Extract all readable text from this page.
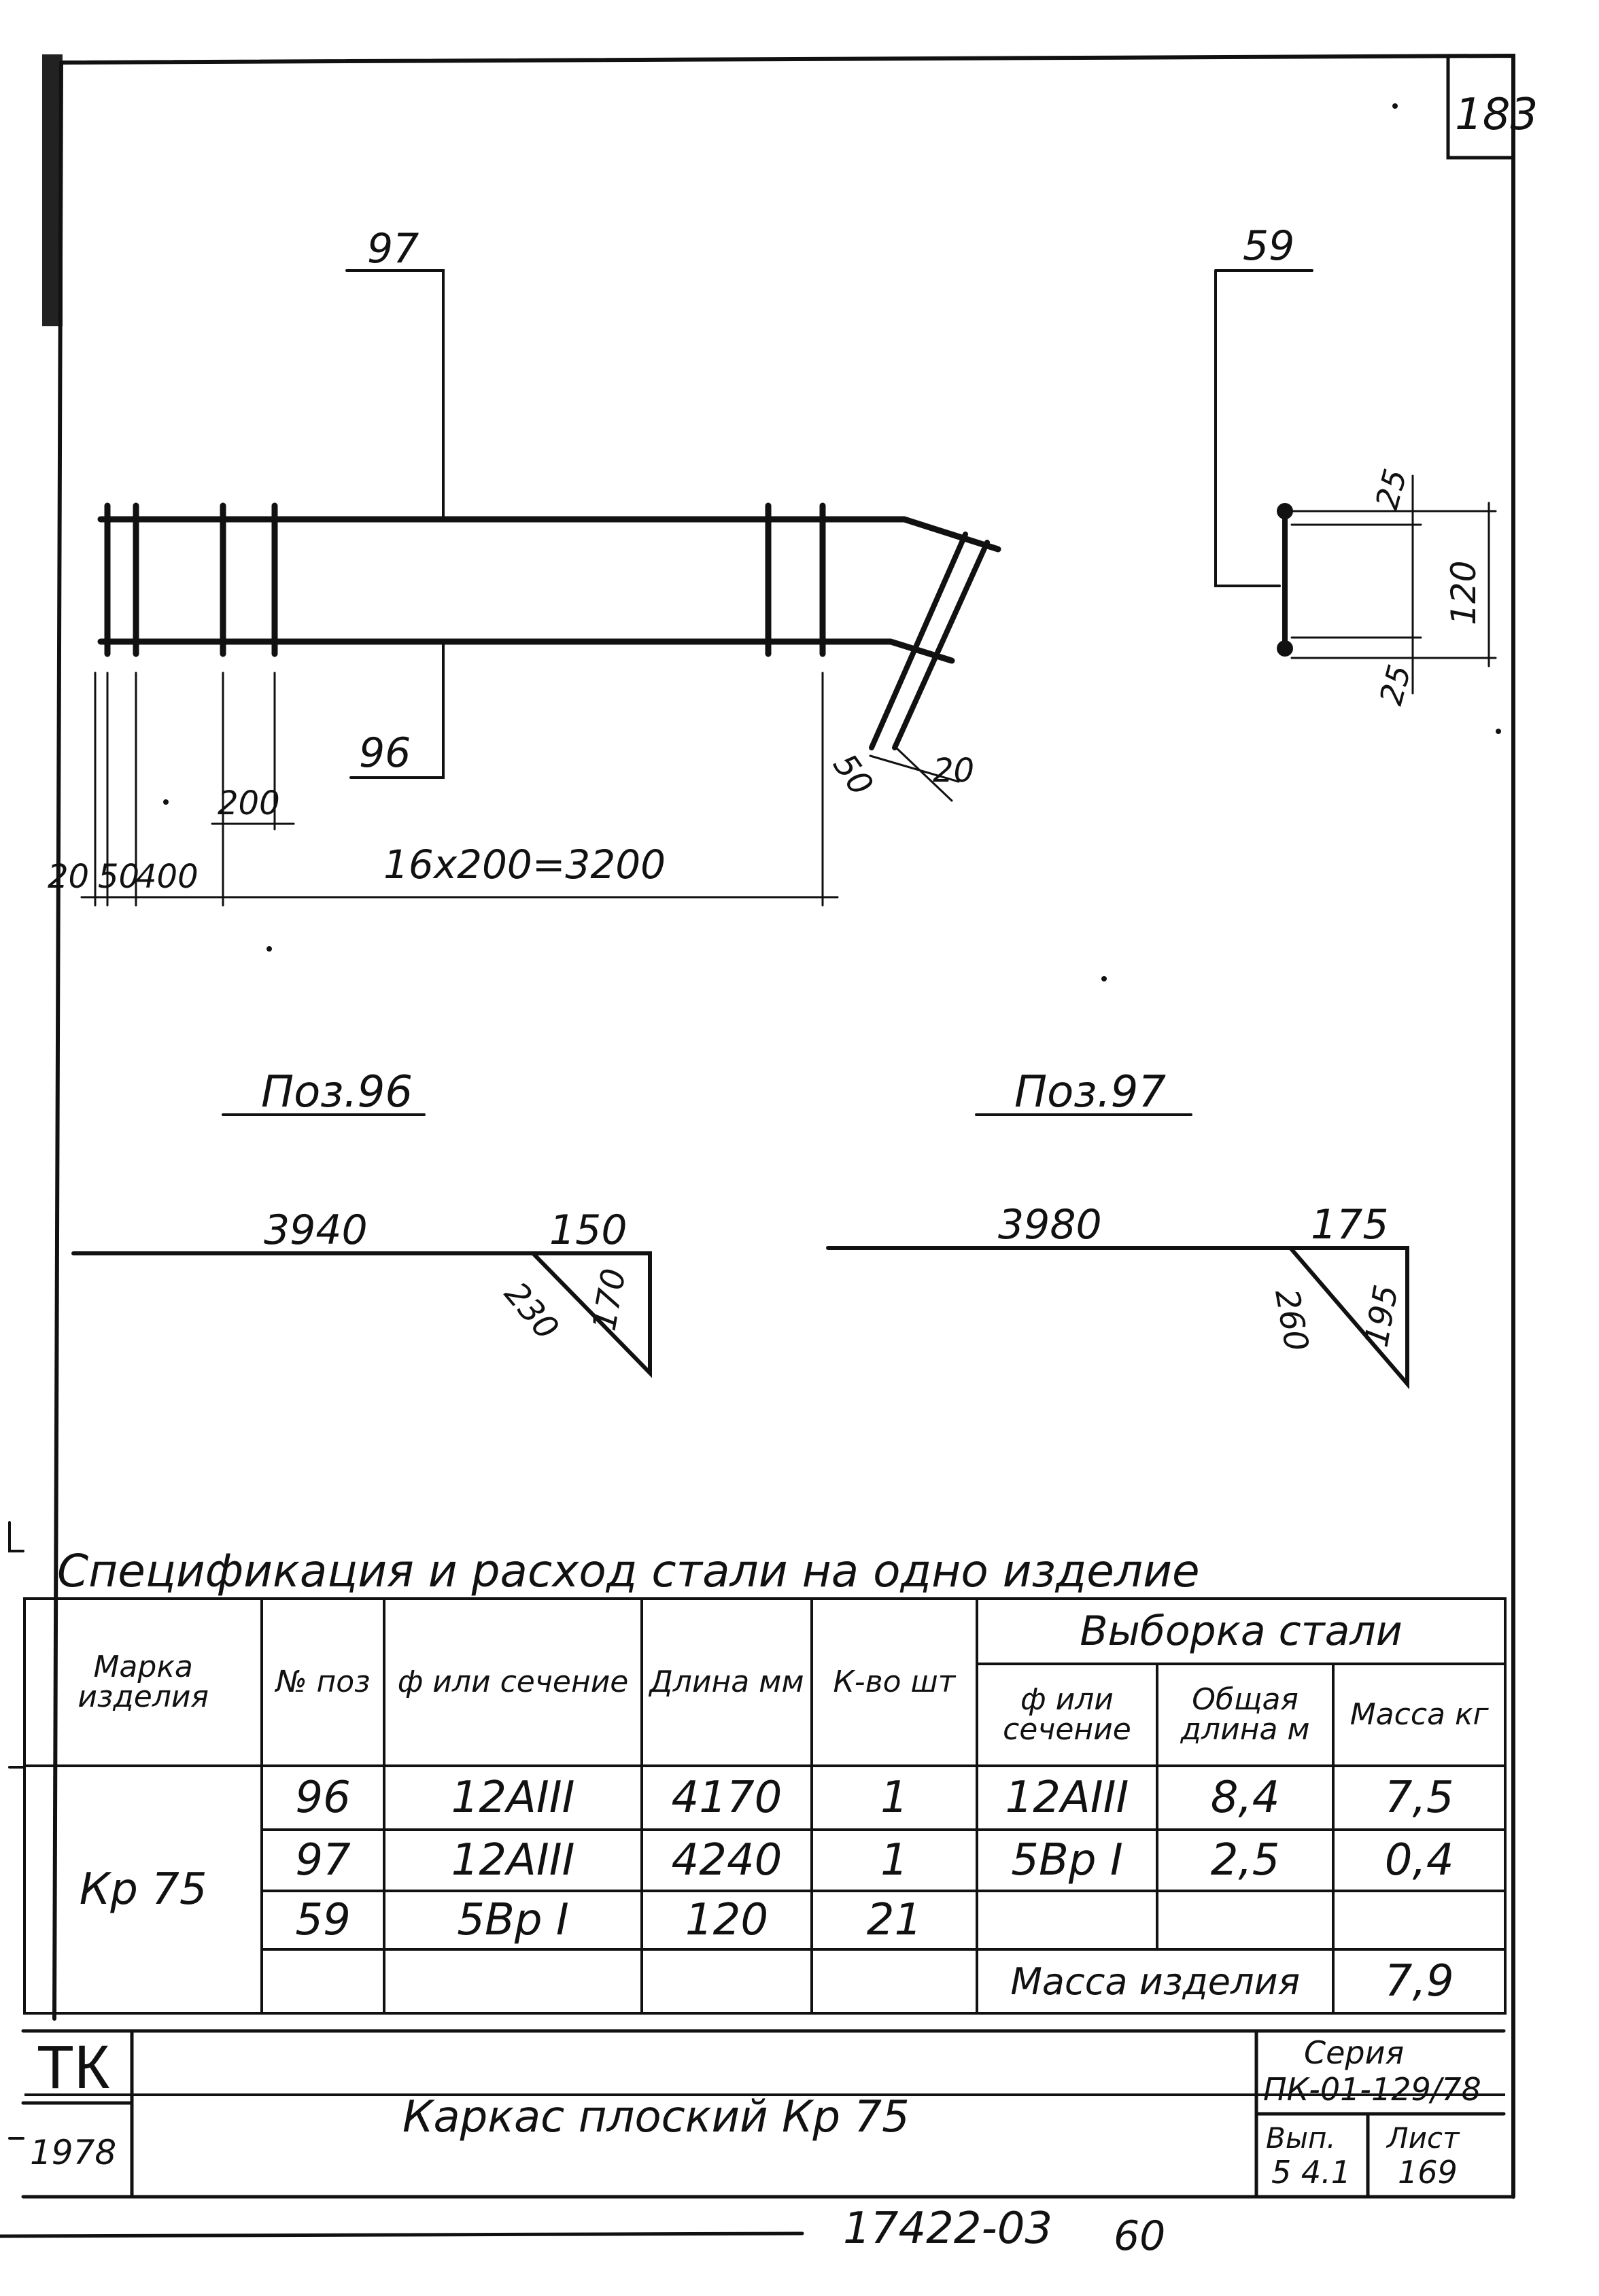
183
97
96
20 50
400
200
16x200=3200
50 20
59
25
120
25
Поз.96
3940	150
170
230
Поз.97
3980	175
195
260
Спецификация и расход стали на одно изделие
ТК
1978
Каркас плоский Кр 75
Серия
ПК-01-129/78
Вып.
5 4.1
Лист
169
17422-03 60
Марка изделия	№ поз	ф или сечение	Длина мм	К-во шт	Выборка стали		
					ф или сечение	Общая длина м	Масса кг
Кр 75	96	12AIII	4170	1	12AIII	8,4	7,5
	97	12AIII	4240	1	5Bр I	2,5	0,4
	59	5Bр I	120	21			
					Масса изделия		7,9
